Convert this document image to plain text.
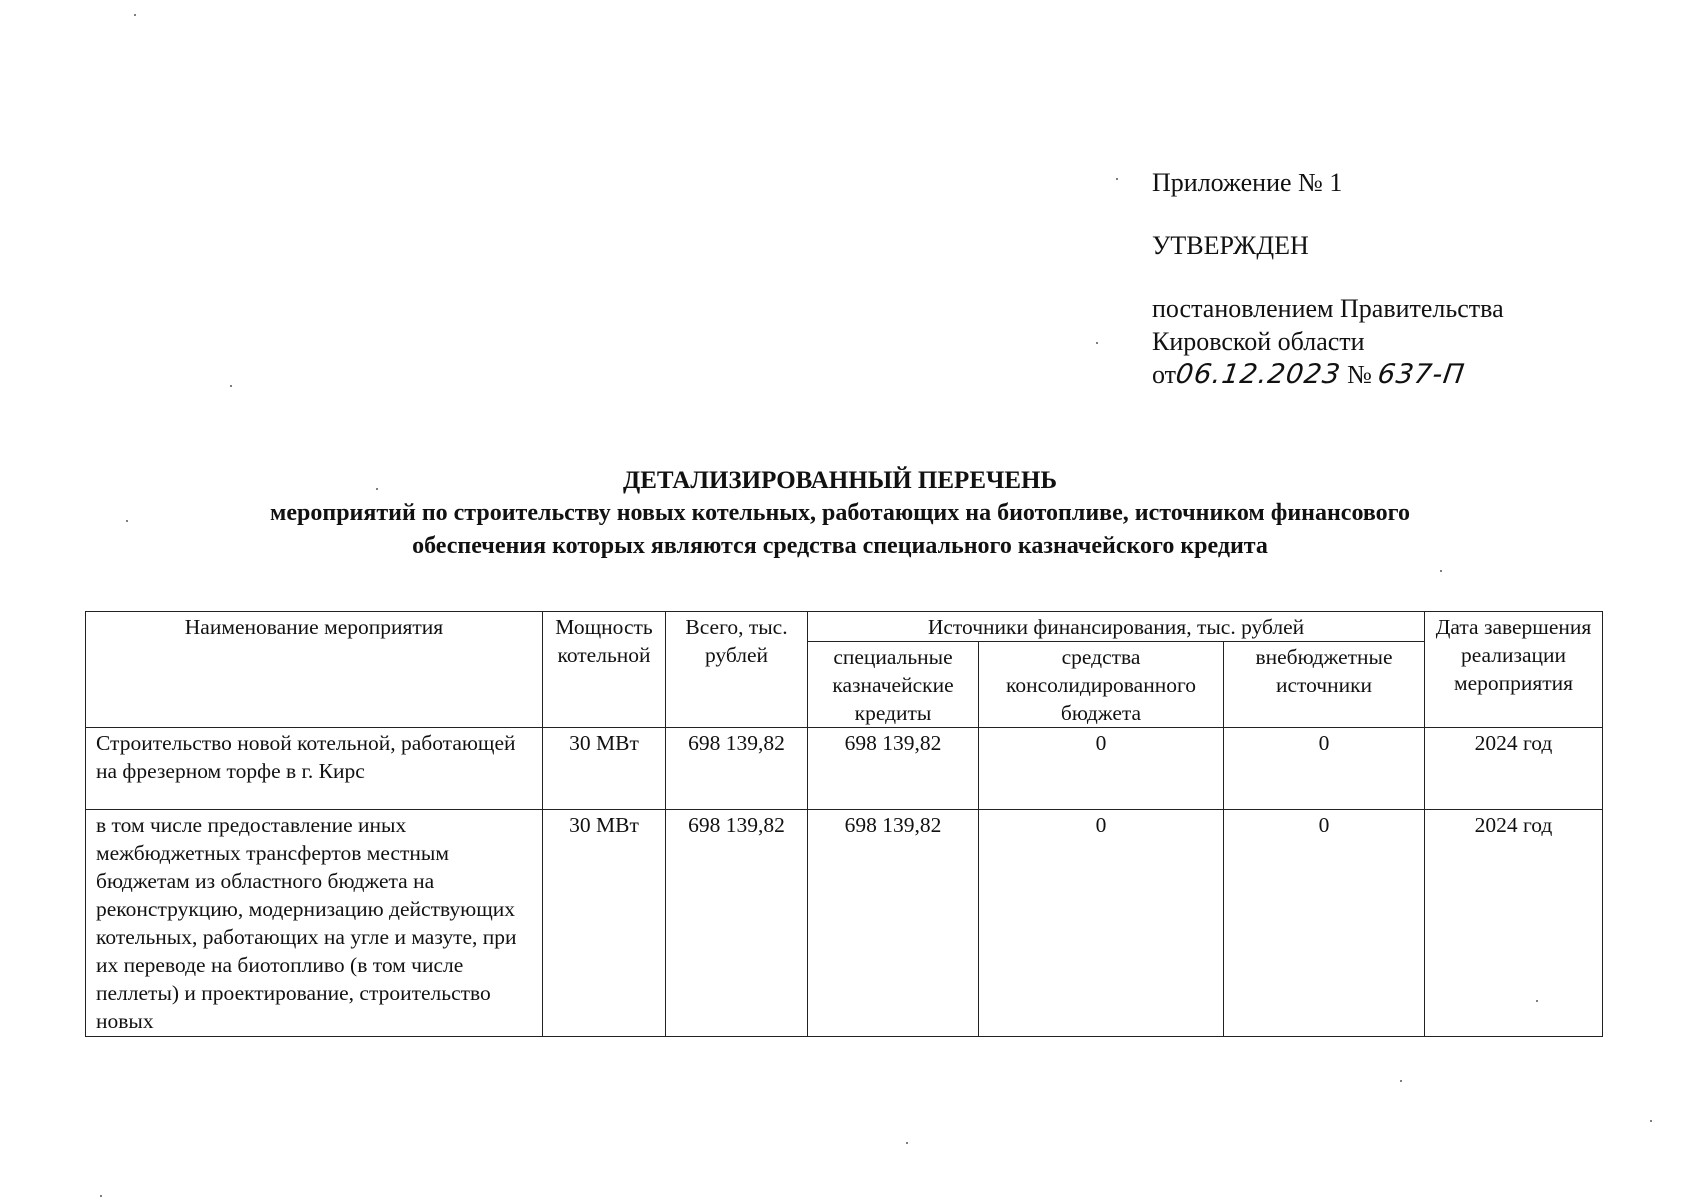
Приложение № 1
УТВЕРЖДЕН
постановлением Правительства
Кировской области
от06.12.2023 № 637-П
ДЕТАЛИЗИРОВАННЫЙ ПЕРЕЧЕНЬ
мероприятий по строительству новых котельных, работающих на биотопливе, источником финансового
обеспечения которых являются средства специального казначейского кредита
Наименование мероприятия	Мощность котельной	Всего, тыс. рублей	Источники финансирования, тыс. рублей			Дата завершения реализации мероприятия
			специальные казначейские кредиты	средства консолидированного бюджета	внебюджетные источники	
Строительство новой котельной, работающей на фрезерном торфе в г. Кирс	30 МВт	698 139,82	698 139,82	0	0	2024 год
в том числе предоставление иных межбюджетных трансфертов местным бюджетам из областного бюджета на реконструкцию, модернизацию действующих котельных, работающих на угле и мазуте, при их переводе на биотопливо (в том числе пеллеты) и проектирование, строительство новых	30 МВт	698 139,82	698 139,82	0	0	2024 год
